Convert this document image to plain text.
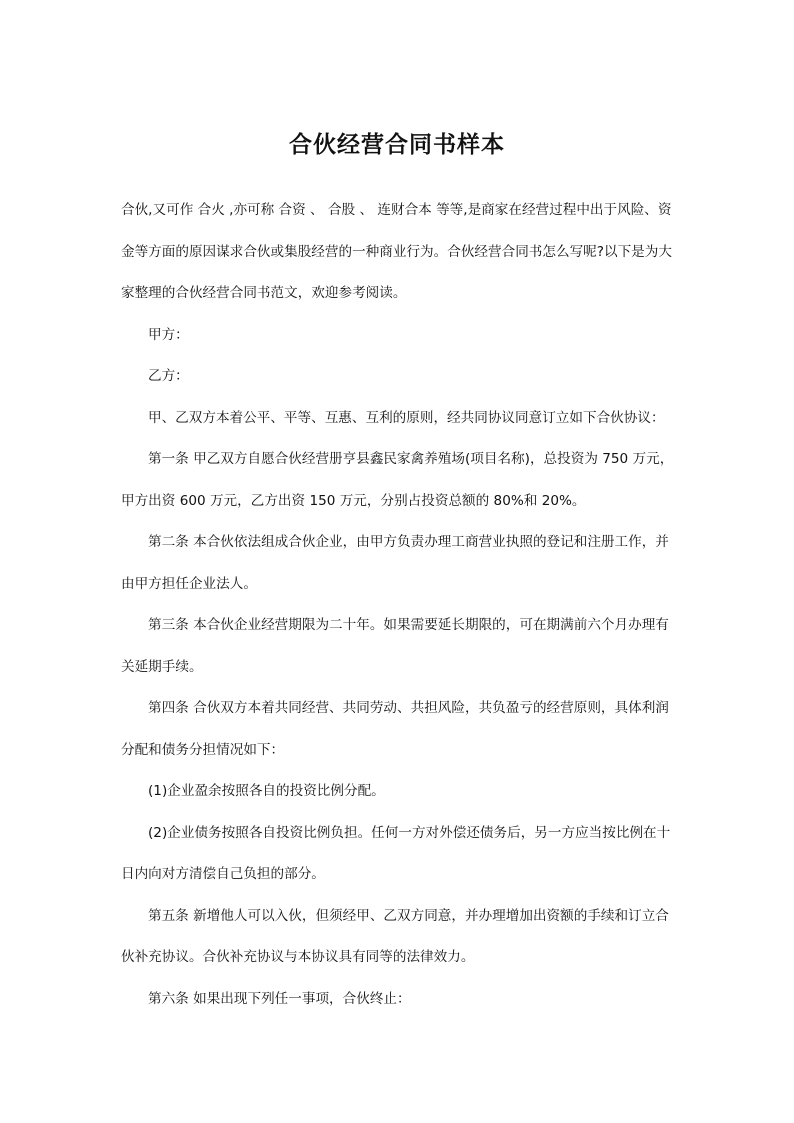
合伙经营合同书样本

合伙,又可作 合火 ,亦可称 合资 、 合股 、 连财合本 等等,是商家在经营过程中出于风险、资金等方面的原因谋求合伙或集股经营的一种商业行为。合伙经营合同书怎么写呢?以下是为大家整理的合伙经营合同书范文，欢迎参考阅读。

甲方：

乙方：

甲、乙双方本着公平、平等、互惠、互利的原则，经共同协议同意订立如下合伙协议：

第一条 甲乙双方自愿合伙经营册亨县鑫民家禽养殖场(项目名称)，总投资为 750 万元，甲方出资 600 万元，乙方出资 150 万元，分别占投资总额的 80%和 20%。

第二条 本合伙依法组成合伙企业，由甲方负责办理工商营业执照的登记和注册工作，并由甲方担任企业法人。

第三条 本合伙企业经营期限为二十年。如果需要延长期限的，可在期满前六个月办理有关延期手续。

第四条 合伙双方本着共同经营、共同劳动、共担风险，共负盈亏的经营原则，具体利润分配和债务分担情况如下：

(1)企业盈余按照各自的投资比例分配。

(2)企业债务按照各自投资比例负担。任何一方对外偿还债务后，另一方应当按比例在十日内向对方清偿自己负担的部分。

第五条 新增他人可以入伙，但须经甲、乙双方同意，并办理增加出资额的手续和订立合伙补充协议。合伙补充协议与本协议具有同等的法律效力。

第六条 如果出现下列任一事项，合伙终止：
